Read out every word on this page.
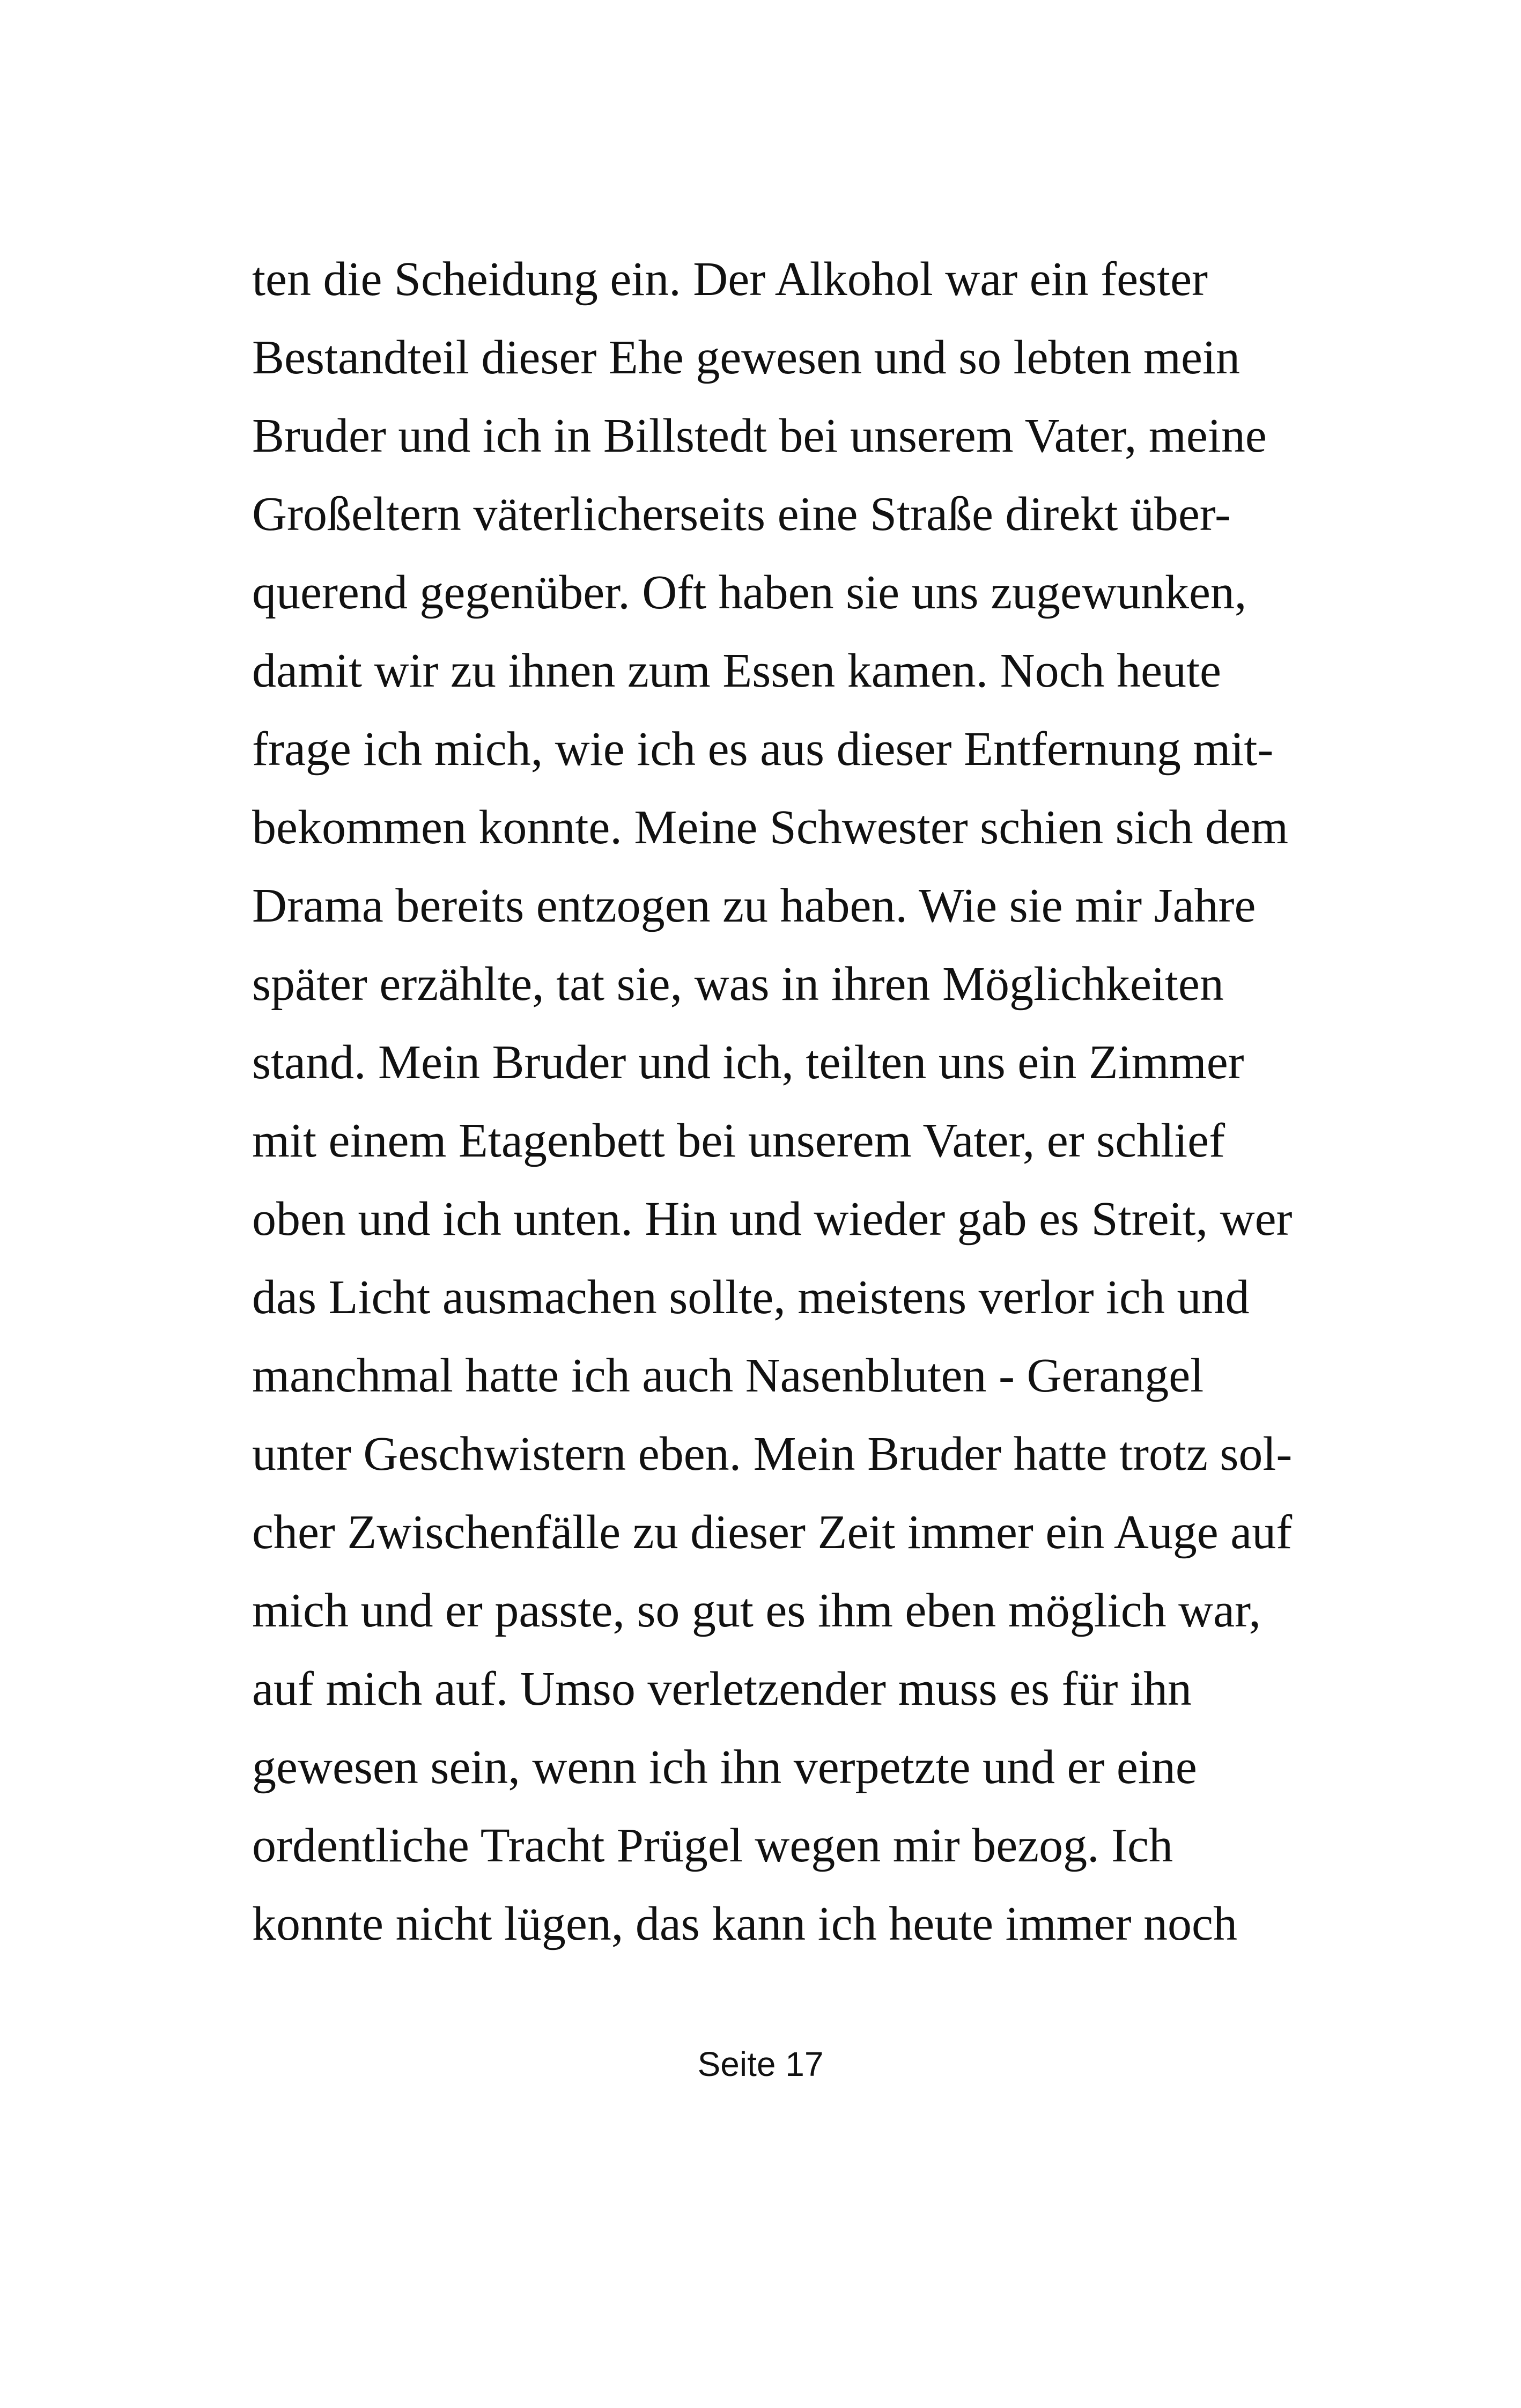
ten die Scheidung ein. Der Alkohol war ein fester
Bestandteil dieser Ehe gewesen und so lebten mein
Bruder und ich in Billstedt bei unserem Vater, meine
Großeltern väterlicherseits eine Straße direkt über-
querend gegenüber. Oft haben sie uns zugewunken,
damit wir zu ihnen zum Essen kamen. Noch heute
frage ich mich, wie ich es aus dieser Entfernung mit-
bekommen konnte. Meine Schwester schien sich dem
Drama bereits entzogen zu haben. Wie sie mir Jahre
später erzählte, tat sie, was in ihren Möglichkeiten
stand. Mein Bruder und ich, teilten uns ein Zimmer
mit einem Etagenbett bei unserem Vater, er schlief
oben und ich unten. Hin und wieder gab es Streit, wer
das Licht ausmachen sollte, meistens verlor ich und
manchmal hatte ich auch Nasenbluten - Gerangel
unter Geschwistern eben. Mein Bruder hatte trotz sol-
cher Zwischenfälle zu dieser Zeit immer ein Auge auf
mich und er passte, so gut es ihm eben möglich war,
auf mich auf. Umso verletzender muss es für ihn
gewesen sein, wenn ich ihn verpetzte und er eine
ordentliche Tracht Prügel wegen mir bezog. Ich
konnte nicht lügen, das kann ich heute immer noch
Seite 17
